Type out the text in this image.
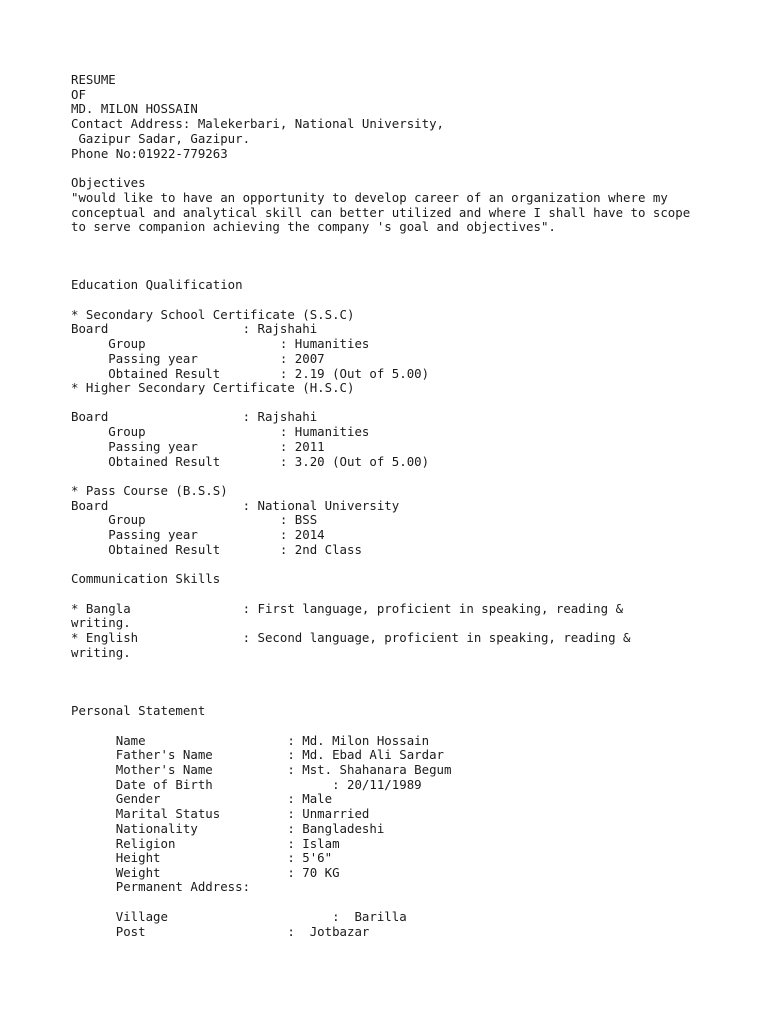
RESUME
OF
MD. MILON HOSSAIN
Contact Address: Malekerbari, National University,
Gazipur Sadar, Gazipur.
Phone No:01922-779263
Objectives
"would like to have an opportunity to develop career of an organization where my
conceptual and analytical skill can better utilized and where I shall have to scope
to serve companion achieving the company 's goal and objectives".
Education Qualification
* Secondary School Certificate (S.S.C)
Board                  : Rajshahi
Group                  : Humanities
Passing year           : 2007
Obtained Result        : 2.19 (Out of 5.00)
* Higher Secondary Certificate (H.S.C)
Board                  : Rajshahi
Group                  : Humanities
Passing year           : 2011
Obtained Result        : 3.20 (Out of 5.00)
* Pass Course (B.S.S)
Board                  : National University
Group                  : BSS
Passing year           : 2014
Obtained Result        : 2nd Class
Communication Skills
* Bangla               : First language, proficient in speaking, reading &
writing.
* English              : Second language, proficient in speaking, reading &
writing.
Personal Statement
Name                   : Md. Milon Hossain
Father's Name          : Md. Ebad Ali Sardar
Mother's Name          : Mst. Shahanara Begum
Date of Birth                : 20/11/1989
Gender                 : Male
Marital Status         : Unmarried
Nationality            : Bangladeshi
Religion               : Islam
Height                 : 5'6"
Weight                 : 70 KG
Permanent Address:
Village                      :  Barilla
Post                   :  Jotbazar
